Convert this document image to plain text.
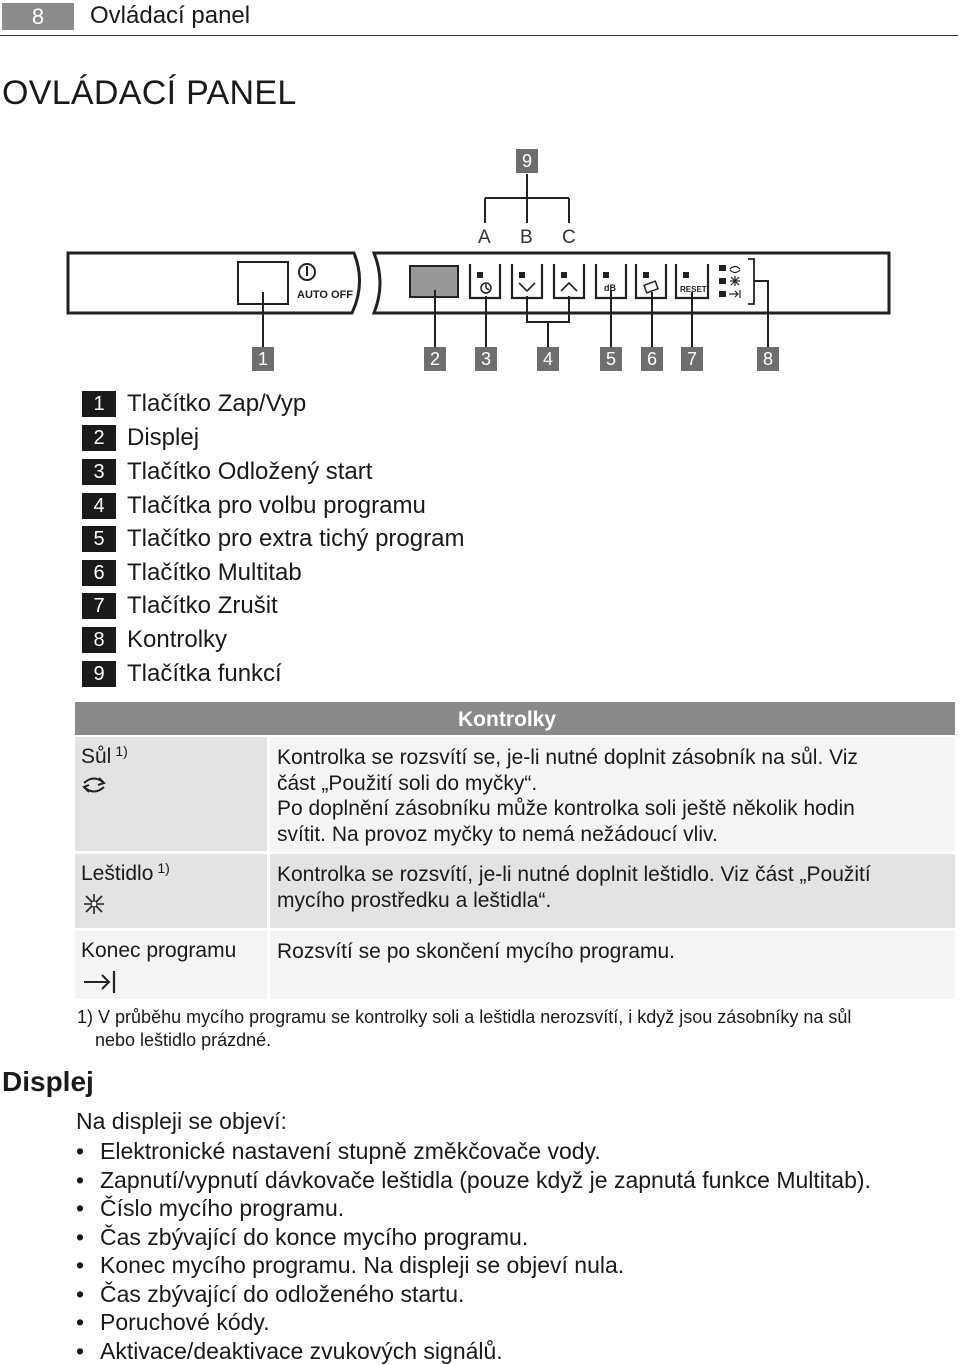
8	Ovládací panel
OVLÁDACÍ PANEL
AUTO OFF
dB	RESET
A B C
9
1	2	3	4	5	6	7	8
1 Tlačítko Zap/Vyp
2 Displej
3 Tlačítko Odložený start
4 Tlačítka pro volbu programu
5 Tlačítko pro extra tichý program
6 Tlačítko Multitab
7 Tlačítko Zrušit
8 Kontrolky
9 Tlačítka funkcí
Kontrolky
Sůl $^{1)}$	Kontrolka se rozsvítí se, je-li nutné doplnit zásobník na sůl. Viz
část „Použití soli do myčky“.
Po doplnění zásobníku může kontrolka soli ještě několik hodin
svítit. Na provoz myčky to nemá nežádoucí vliv.
Leštidlo $^{1)}$	Kontrolka se rozsvítí, je-li nutné doplnit leštidlo. Viz část „Použití
mycího prostředku a leštidla“.
Konec programu	Rozsvítí se po skončení mycího programu.
1) V průběhu mycího programu se kontrolky soli a leštidla nerozsvítí, i když jsou zásobníky na sůl
nebo leštidlo prázdné.
Displej
Na displeji se objeví:
• Elektronické nastavení stupně změkčovače vody.
• Zapnutí/vypnutí dávkovače leštidla (pouze když je zapnutá funkce Multitab).
• Číslo mycího programu.
• Čas zbývající do konce mycího programu.
• Konec mycího programu. Na displeji se objeví nula.
• Čas zbývající do odloženého startu.
• Poruchové kódy.
• Aktivace/deaktivace zvukových signálů.
